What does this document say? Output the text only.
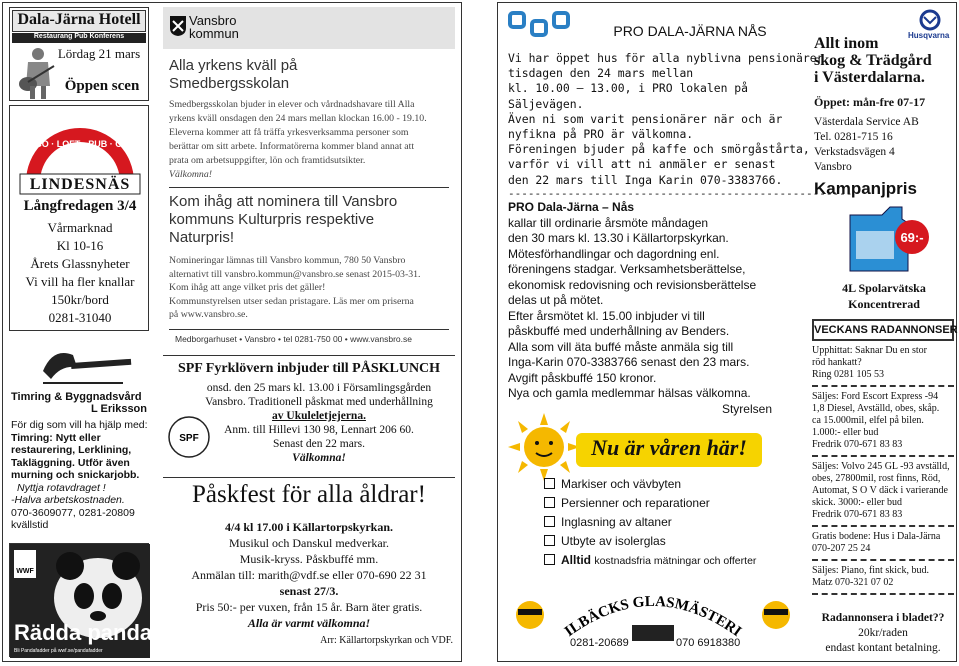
Dala-Järna Hotell
Restaurang Pub Konferens
Lördag 21 mars
Öppen scen
DISCO · LOFT · PUB · CAFÉ
LINDESNÄS
Långfredagen 3/4
Vårmarknad
Kl 10-16
Årets Glassnyheter
Vi vill ha fler knallar
150kr/bord
0281-31040
Timring & Byggnadsvård
L Eriksson
För dig som vill ha hjälp med:
Timring: Nytt eller
restaurering, Lerklining,
Takläggning. Utför även
murning och snickarjobb.
Nyttja rotavdraget !
-Halva arbetskostnaden.
070-3609077, 0281-20809
kvällstid
WWF
Rädda pandan
Bli Pandafadder på wwf.se/pandafadder
Vansbro
kommun
Alla yrkens kväll på
Smedbergsskolan
Smedbergsskolan bjuder in elever och vårdnadshavare till Alla
yrkens kväll onsdagen den 24 mars mellan klockan 16.00 - 19.10.
Eleverna kommer att få träffa yrkesverksamma personer som
berättar om sitt arbete. Informatörerna kommer bland annat att
prata om arbetsuppgifter, lön och framtidsutsikter.
Välkomna!
Kom ihåg att nominera till Vansbro
kommuns Kulturpris respektive
Naturpris!
Nomineringar lämnas till Vansbro kommun, 780 50 Vansbro
alternativt till vansbro.kommun@vansbro.se senast 2015-03-31.
Kom ihåg att ange vilket pris det gäller!
Kommunstyrelsen utser sedan pristagare. Läs mer om priserna
på www.vansbro.se.
Medborgarhuset • Vansbro • tel 0281-750 00 • www.vansbro.se
SPF Fyrklövern inbjuder till PÅSKLUNCH
SPF
onsd. den 25 mars kl. 13.00 i Församlingsgården
Vansbro. Traditionell påskmat med underhållning
av Ukuleletjejerna.
Anm. till Hillevi 130 98, Lennart 206 60.
Senast den 22 mars.
Välkomna!
Påskfest för alla åldrar!
4/4 kl 17.00 i Källartorpskyrkan.
Musikul och Danskul medverkar.
Musik-kryss. Påskbuffé mm.
Anmälan till: marith@vdf.se eller 070-690 22 31
senast 27/3.
Pris 50:- per vuxen, från 15 år. Barn äter gratis.
Alla är varmt välkomna!
Arr: Källartorpskyrkan och VDF.
PRO DALA-JÄRNA NÅS
Vi har öppet hus för alla nyblivna pensionärer
tisdagen den 24 mars mellan
kl. 10.00 – 13.00, i PRO lokalen på
Säljevägen.
Även ni som varit pensionärer när och är
nyfikna på PRO är välkomna.
Föreningen bjuder på kaffe och smörgåstårta,
varför vi vill att ni anmäler er senast
den 22 mars till Inga Karin 070-3383766.
----------------------------------------------------
PRO Dala-Järna – Nås
kallar till ordinarie årsmöte måndagen
den 30 mars kl. 13.30 i Källartorpskyrkan.
Mötesförhandlingar och dagordning enl.
föreningens stadgar. Verksamhetsberättelse,
ekonomisk redovisning och revisionsberättelse
delas ut på mötet.
Efter årsmötet kl. 15.00 inbjuder vi till
påskbuffé med underhållning av Benders.
Alla som vill äta buffé måste anmäla sig till
Inga-Karin 070-3383766 senast den 23 mars.
Avgift påskbuffé 150 kronor.
Nya och gamla medlemmar hälsas välkomna.
Styrelsen
Nu är våren här!
Markiser och vävbyten
Persienner och reparationer
Inglasning av altaner
Utbyte av isolerglas
Alltid kostnadsfria mätningar och offerter
ILBÄCKS GLASMÄSTERI
0281-20689	070 6918380
Husqvarna
Allt inom
skog & Trädgård
i Västerdalarna.
Öppet: mån-fre 07-17
Västerdala Service AB
Tel. 0281-715 16
Verkstadsvägen 4
Vansbro
Kampanjpris
69:-
4L Spolarvätska
Koncentrerad
VECKANS RADANNONSER
Upphittat: Saknar Du en stor
röd hankatt?
Ring 0281 105 53
Säljes: Ford Escort Express -94
1,8 Diesel, Avställd, obes, skåp.
ca 15.000mil, elfel på bilen.
1.000:- eller bud
Fredrik 070-671 83 83
Säljes: Volvo 245 GL -93 avställd,
obes, 27800mil, rost finns, Röd,
Automat, S O V däck i varierande
skick. 3000:- eller bud
Fredrik 070-671 83 83
Gratis bodene: Hus i Dala-Järna
070-207 25 24
Säljes: Piano, fint skick, bud.
Matz 070-321 07 02
Radannonsera i bladet??
20kr/raden
endast kontant betalning.
